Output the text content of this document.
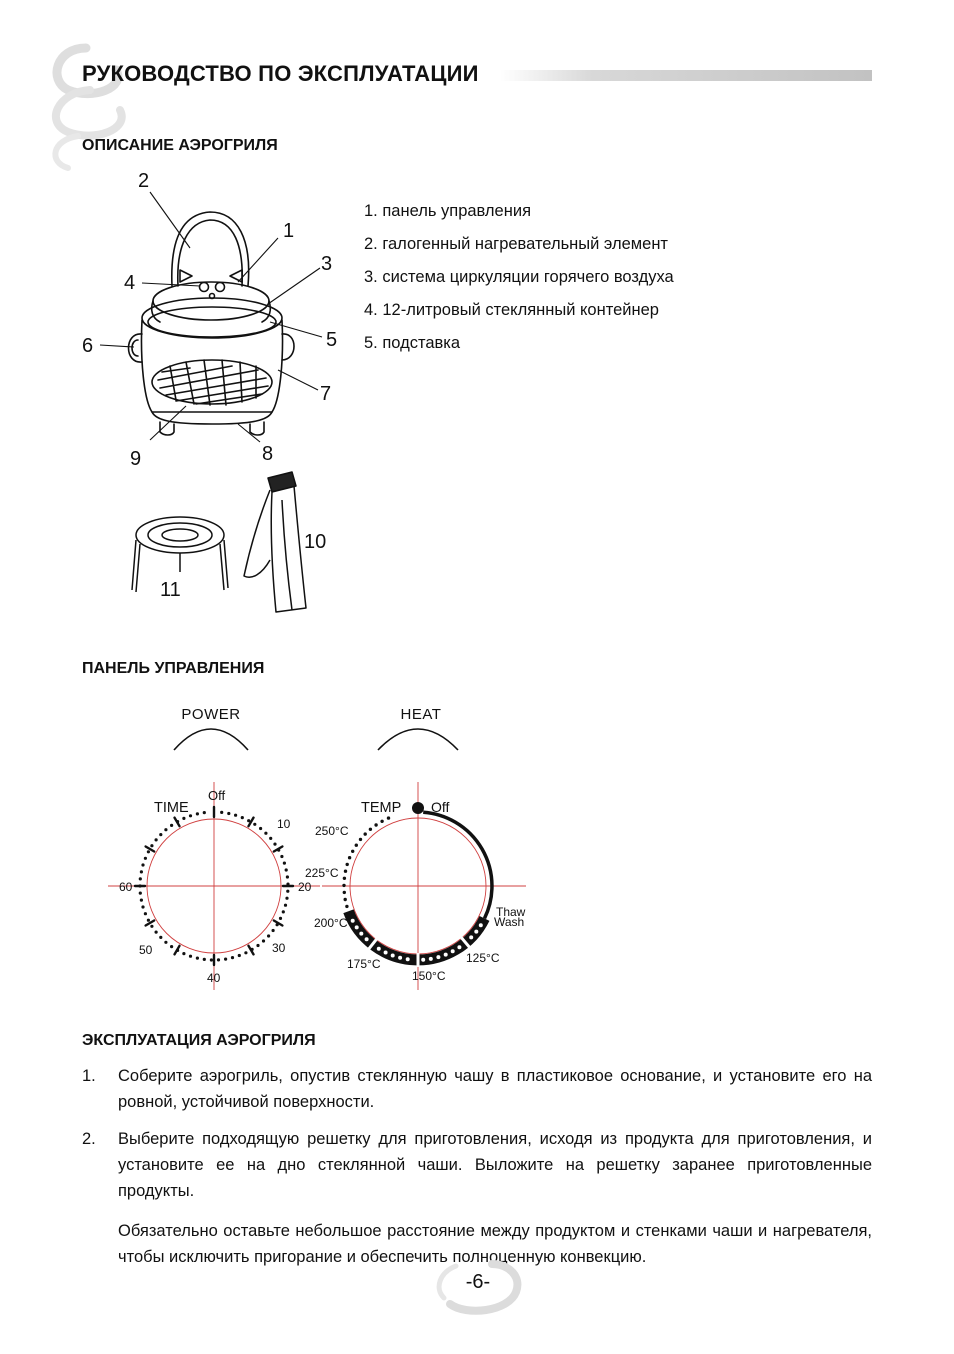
РУКОВОДСТВО ПО ЭКСПЛУАТАЦИИ
ОПИСАНИЕ АЭРОГРИЛЯ
2
1
3
4
5
6
7
8
9
10
11
1. панель управления
2. галогенный нагревательный элемент
3. система циркуляции горячего воздуха
4. 12-литровый стеклянный контейнер
5. подставка
ПАНЕЛЬ УПРАВЛЕНИЯ
POWER	HEAT
TIME
Off
10
20
30
40
50
60
TEMP Off
Thaw
Wash
250°C
225°C
200°C
175°C
150°C
125°C
ЭКСПЛУАТАЦИЯ АЭРОГРИЛЯ
1. Соберите аэрогриль, опустив стеклянную чашу в пластиковое основание, и установите его на ровной, устойчивой поверхности.

2. Выберите подходящую решетку для приготовления, исходя из продукта для приготовления, и установите ее на дно стеклянной чаши. Выложите на решетку заранее приготовленные продукты.

Обязательно оставьте небольшое расстояние между продуктом и стенками чаши и нагревателя, чтобы исключить пригорание и обеспечить полноценную конвекцию.

-6-
